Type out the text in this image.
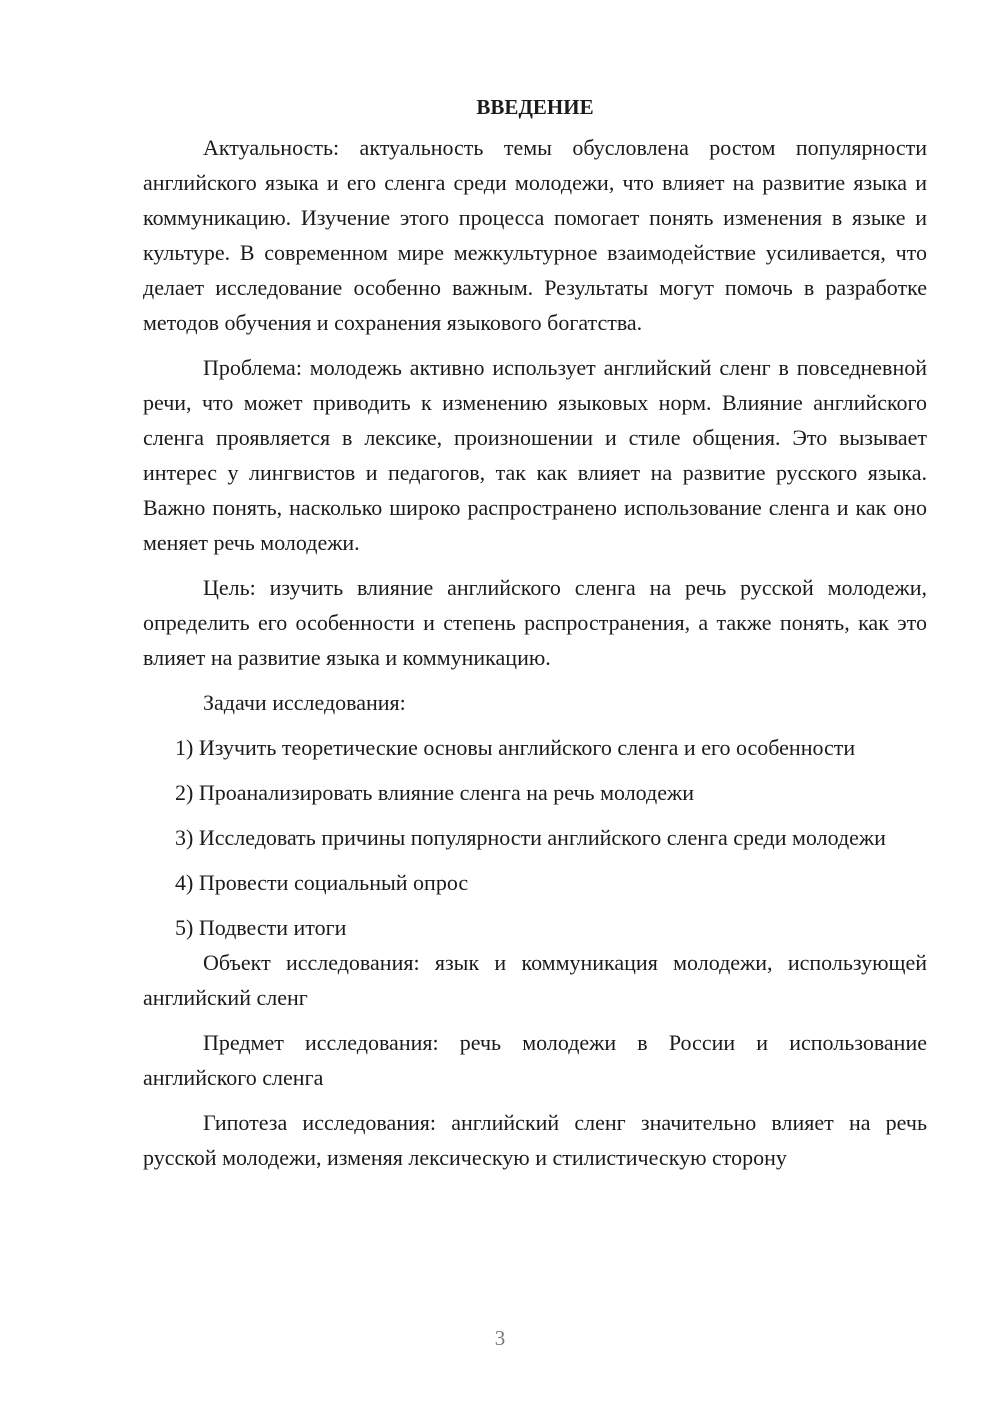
ВВЕДЕНИЕ

Актуальность: актуальность темы обусловлена ростом популярности английского языка и его сленга среди молодежи, что влияет на развитие языка и коммуникацию. Изучение этого процесса помогает понять изменения в языке и культуре. В современном мире межкультурное взаимодействие усиливается, что делает исследование особенно важным. Результаты могут помочь в разработке методов обучения и сохранения языкового богатства.

Проблема: молодежь активно использует английский сленг в повседневной речи, что может приводить к изменению языковых норм. Влияние английского сленга проявляется в лексике, произношении и стиле общения. Это вызывает интерес у лингвистов и педагогов, так как влияет на развитие русского языка. Важно понять, насколько широко распространено использование сленга и как оно меняет речь молодежи.

Цель: изучить влияние английского сленга на речь русской молодежи, определить его особенности и степень распространения, а также понять, как это влияет на развитие языка и коммуникацию.

Задачи исследования:

1) Изучить теоретические основы английского сленга и его особенности

2) Проанализировать влияние сленга на речь молодежи

3) Исследовать причины популярности английского сленга среди молодежи

4) Провести социальный опрос

5) Подвести итоги

Объект исследования: язык и коммуникация молодежи, использующей английский сленг

Предмет исследования: речь молодежи в России и использование английского сленга

Гипотеза исследования: английский сленг значительно влияет на речь русской молодежи, изменяя лексическую и стилистическую сторону

3
